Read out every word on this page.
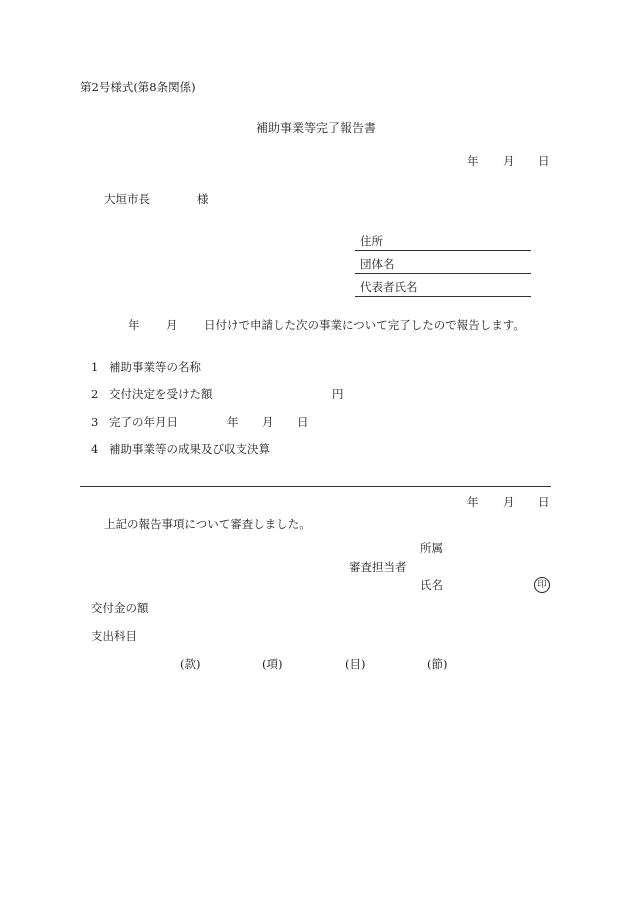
第2号様式(第8条関係)
補助事業等完了報告書
年 月 日
大垣市長	様
住所
団体名
代表者氏名
年 月 日付けで申請した次の事業について完了したので報告します。
1 補助事業等の名称
2 交付決定を受けた額	円
3 完了の年月日	年 月 日
4 補助事業等の成果及び収支決算
年 月 日
上記の報告事項について審査しました。
所属
審査担当者
氏名	印
交付金の額
支出科目
(款)	(項)	(目)	(節)
